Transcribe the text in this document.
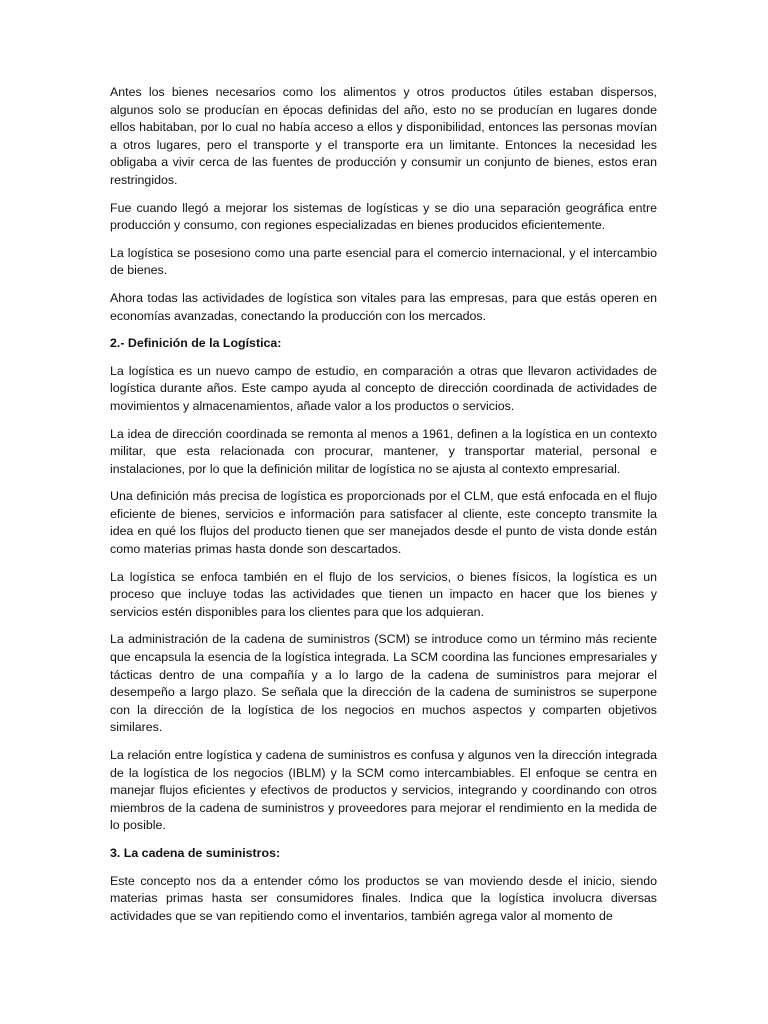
Antes los bienes necesarios como los alimentos y otros productos útiles estaban dispersos, algunos solo se producían en épocas definidas del año, esto no se producían en lugares donde ellos habitaban, por lo cual no había acceso a ellos y disponibilidad, entonces las personas movían a otros lugares, pero el transporte y el transporte era un limitante. Entonces la necesidad les obligaba a vivir cerca de las fuentes de producción y consumir un conjunto de bienes, estos eran restringidos.

Fue cuando llegó a mejorar los sistemas de logísticas y se dio una separación geográfica entre producción y consumo, con regiones especializadas en bienes producidos eficientemente.

La logística se posesiono como una parte esencial para el comercio internacional, y el intercambio de bienes.

Ahora todas las actividades de logística son vitales para las empresas, para que estás operen en economías avanzadas, conectando la producción con los mercados.

2.- Definición de la Logística:

La logística es un nuevo campo de estudio, en comparación a otras que llevaron actividades de logística durante años. Este campo ayuda al concepto de dirección coordinada de actividades de movimientos y almacenamientos, añade valor a los productos o servicios.

La idea de dirección coordinada se remonta al menos a 1961, definen a la logística en un contexto militar, que esta relacionada con procurar, mantener, y transportar material, personal e instalaciones, por lo que la definición militar de logística no se ajusta al contexto empresarial.

Una definición más precisa de logística es proporcionads por el CLM, que está enfocada en el flujo eficiente de bienes, servicios e información para satisfacer al cliente, este concepto transmite la idea en qué los flujos del producto tienen que ser manejados desde el punto de vista donde están como materias primas hasta donde son descartados.

La logística se enfoca también en el flujo de los servicios, o bienes físicos, la logística es un proceso que incluye todas las actividades que tienen un impacto en hacer que los bienes y servicios estén disponibles para los clientes para que los adquieran.

La administración de la cadena de suministros (SCM) se introduce como un término más reciente que encapsula la esencia de la logística integrada. La SCM coordina las funciones empresariales y tácticas dentro de una compañía y a lo largo de la cadena de suministros para mejorar el desempeño a largo plazo. Se señala que la dirección de la cadena de suministros se superpone con la dirección de la logística de los negocios en muchos aspectos y comparten objetivos similares.

La relación entre logística y cadena de suministros es confusa y algunos ven la dirección integrada de la logística de los negocios (IBLM) y la SCM como intercambiables. El enfoque se centra en manejar flujos eficientes y efectivos de productos y servicios, integrando y coordinando con otros miembros de la cadena de suministros y proveedores para mejorar el rendimiento en la medida de lo posible.

3. La cadena de suministros:

Este concepto nos da a entender cómo los productos se van moviendo desde el inicio, siendo materias primas hasta ser consumidores finales. Indica que la logística involucra diversas actividades que se van repitiendo como el inventarios, también agrega valor al momento de
